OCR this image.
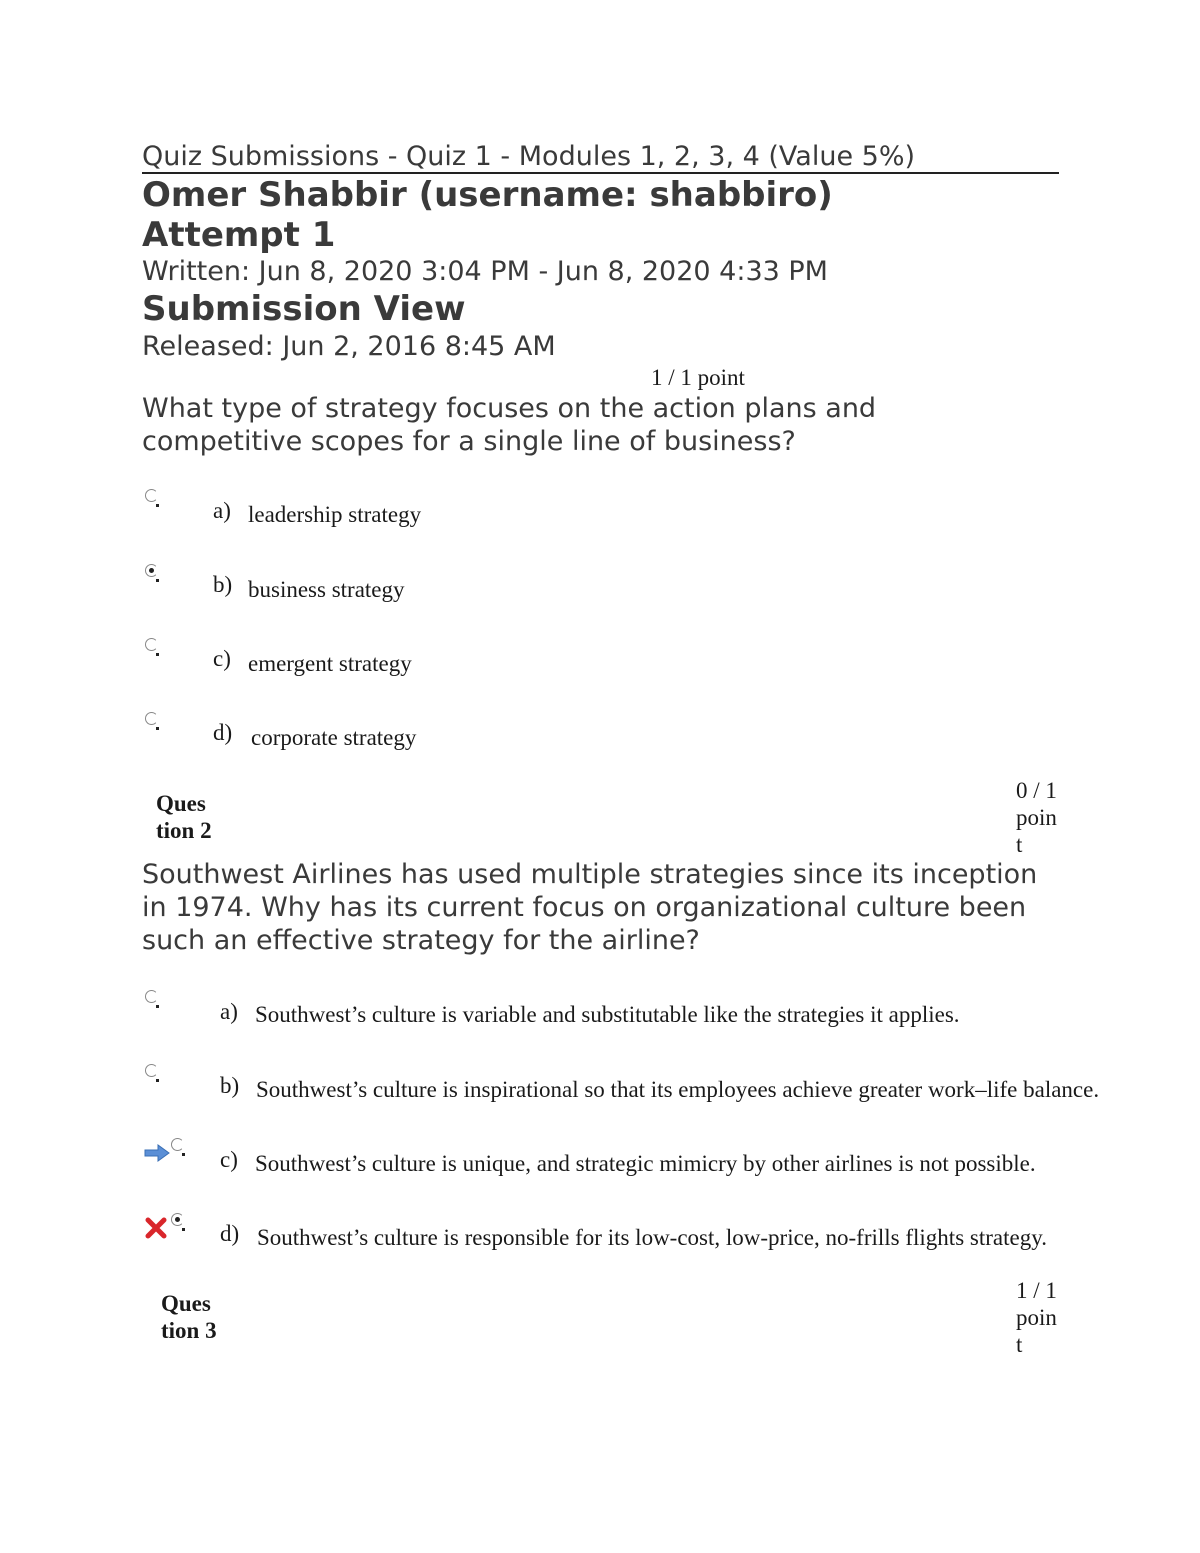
Quiz Submissions - Quiz 1 - Modules 1, 2, 3, 4 (Value 5%)
Omer Shabbir (username: shabbiro)
Attempt 1
Written: Jun 8, 2020 3:04 PM - Jun 8, 2020 4:33 PM
Submission View
Released: Jun 2, 2016 8:45 AM
1 / 1 point
What type of strategy focuses on the action plans and competitive scopes for a single line of business?
a) leadership strategy
b) business strategy
c) emergent strategy
d) corporate strategy
Ques
tion 2
0 / 1
poin
t
Southwest Airlines has used multiple strategies since its inception in 1974. Why has its current focus on organizational culture been such an effective strategy for the airline?
a) Southwest’s culture is variable and substitutable like the strategies it applies.
b) Southwest’s culture is inspirational so that its employees achieve greater work–life balance.
c) Southwest’s culture is unique, and strategic mimicry by other airlines is not possible.
d) Southwest’s culture is responsible for its low-cost, low-price, no-frills flights strategy.
Ques
tion 3
1 / 1
poin
t
